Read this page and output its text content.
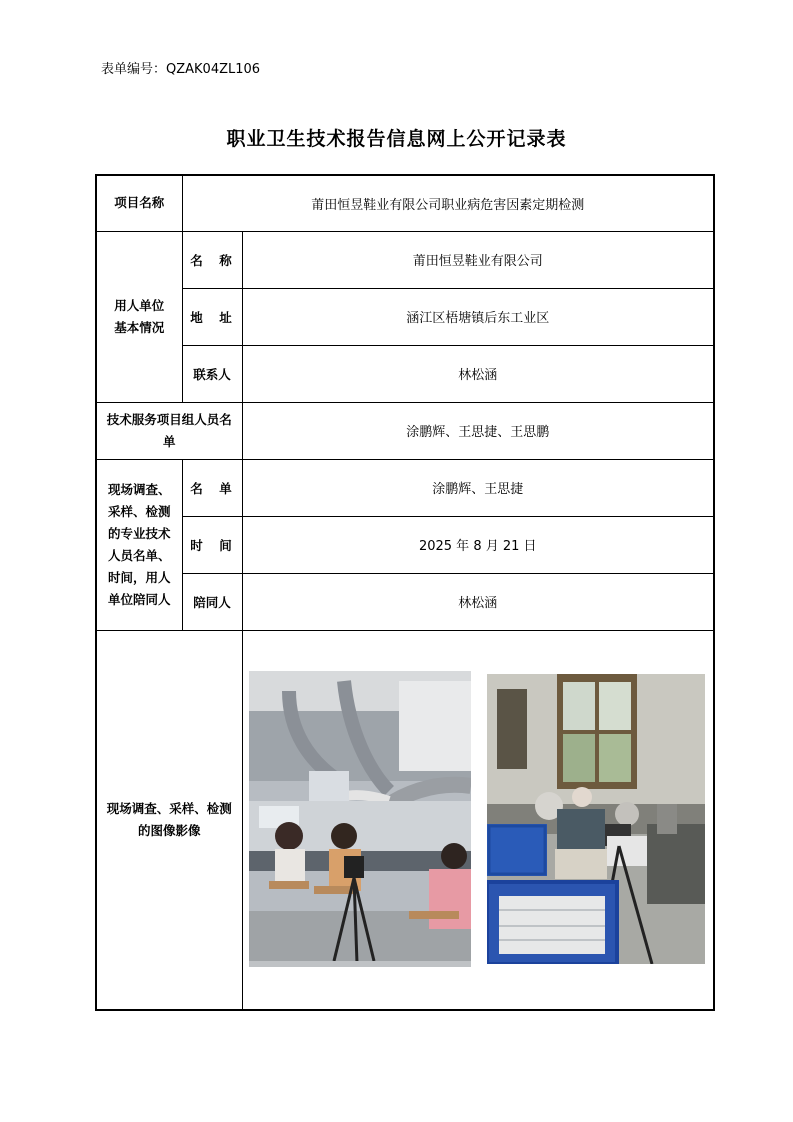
表单编号：QZAK04ZL106
职业卫生技术报告信息网上公开记录表
项目名称	莆田恒昱鞋业有限公司职业病危害因素定期检测	
用人单位基本情况	名　称	莆田恒昱鞋业有限公司
	地　址	涵江区梧塘镇后东工业区
	联系人	林松涵
技术服务项目组人员名单		涂鹏辉、王思捷、王思鹏
现场调查、采样、检测的专业技术人员名单、时间，用人单位陪同人	名　单	涂鹏辉、王思捷
	时　间	2025 年 8 月 21 日
	陪同人	林松涵
现场调查、采样、检测的图像影像	
